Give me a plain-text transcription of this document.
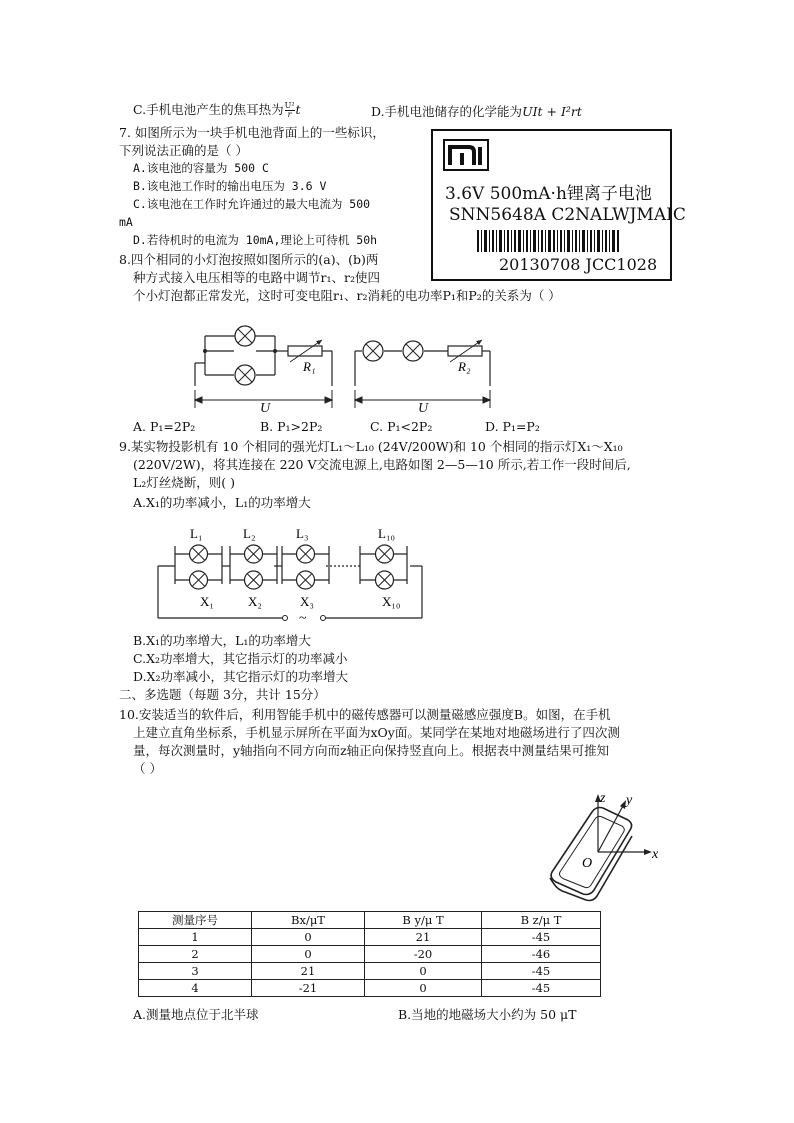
C.手机电池产生的焦耳热为 $\frac{\text{U²}}{r}$ t	D.手机电池储存的化学能为UIt + I²rt
7. 如图所示为一块手机电池背面上的一些标识，
下列说法正确的是（ ）
A.该电池的容量为 500 C
B.该电池工作时的输出电压为 3.6 V
C.该电池在工作时允许通过的最大电流为 500
mA
D.若待机时的电流为 10mA,理论上可待机 50h
3.6V 500mA·h锂离子电池
SNN5648A C2NALWJMAIC
20130708 JCC1028
8.四个相同的小灯泡按照如图所示的(a)、(b)两
种方式接入电压相等的电路中调节r₁、r₂使四
个小灯泡都正常发光，这时可变电阻r₁、r₂消耗的电功率P₁和P₂的关系为（ ）
R₁	R₂
U	U
A. P₁=2P₂	B. P₁>2P₂	C. P₁<2P₂	D. P₁=P₂
9.某实物投影机有 10 个相同的强光灯L₁～L₁₀ (24V/200W)和 10 个相同的指示灯X₁～X₁₀
(220V/2W)，将其连接在 220 V交流电源上,电路如图 2—5—10 所示,若工作一段时间后,
L₂灯丝烧断，则( )
A.X₁的功率减小，L₁的功率增大
~
L₁	L₂	L₃	L₁₀
X₁	X₂	X₃	X₁₀
B.X₁的功率增大，L₁的功率增大
C.X₂功率增大，其它指示灯的功率减小
D.X₂功率减小，其它指示灯的功率增大
二、多选题（每题 3分，共计 15分）
10.安装适当的软件后，利用智能手机中的磁传感器可以测量磁感应强度B。如图，在手机
上建立直角坐标系，手机显示屏所在平面为xOy面。某同学在某地对地磁场进行了四次测
量，每次测量时，y轴指向不同方向而z轴正向保持竖直向上。根据表中测量结果可推知
（ ）
z y
x
O
测量序号	Bx/μT	B y/μ T	B z/μ T
1	0	21	-45
2	0	-20	-46
3	21	0	-45
4	-21	0	-45
A.测量地点位于北半球	B.当地的地磁场大小约为 50 μT
